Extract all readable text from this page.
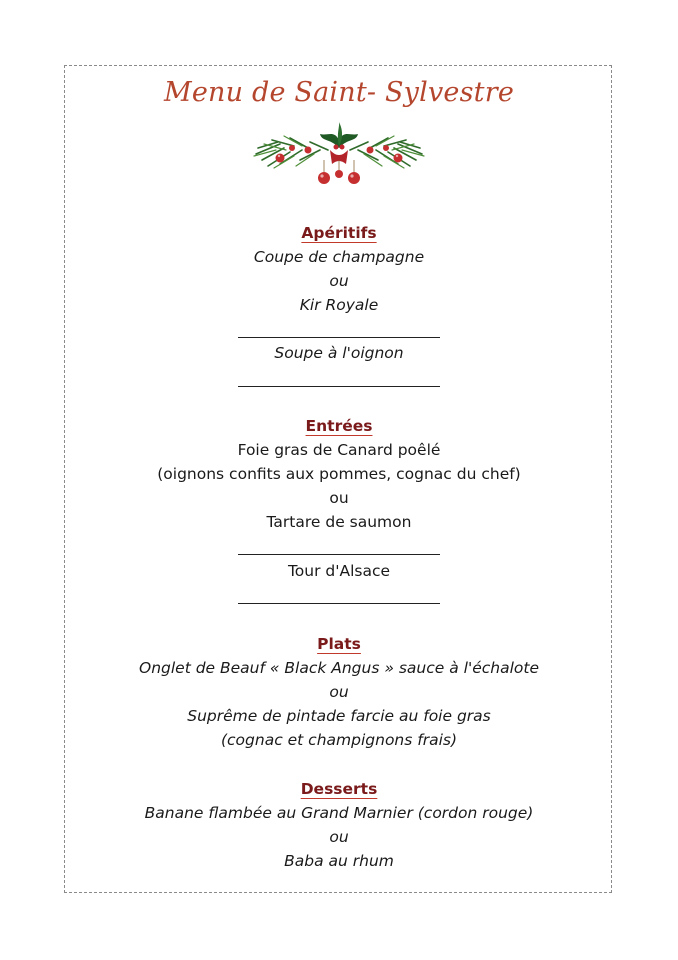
Menu de Saint- Sylvestre
Apéritifs
Coupe de champagne
ou
Kir Royale
Soupe à l'oignon
Entrées
Foie gras de Canard poêlé
(oignons confits aux pommes, cognac du chef)
ou
Tartare de saumon
Tour d'Alsace
Plats
Onglet de Beauf « Black Angus » sauce à l'échalote
ou
Suprême de pintade farcie au foie gras
(cognac et champignons frais)
Desserts
Banane flambée au Grand Marnier (cordon rouge)
ou
Baba au rhum
